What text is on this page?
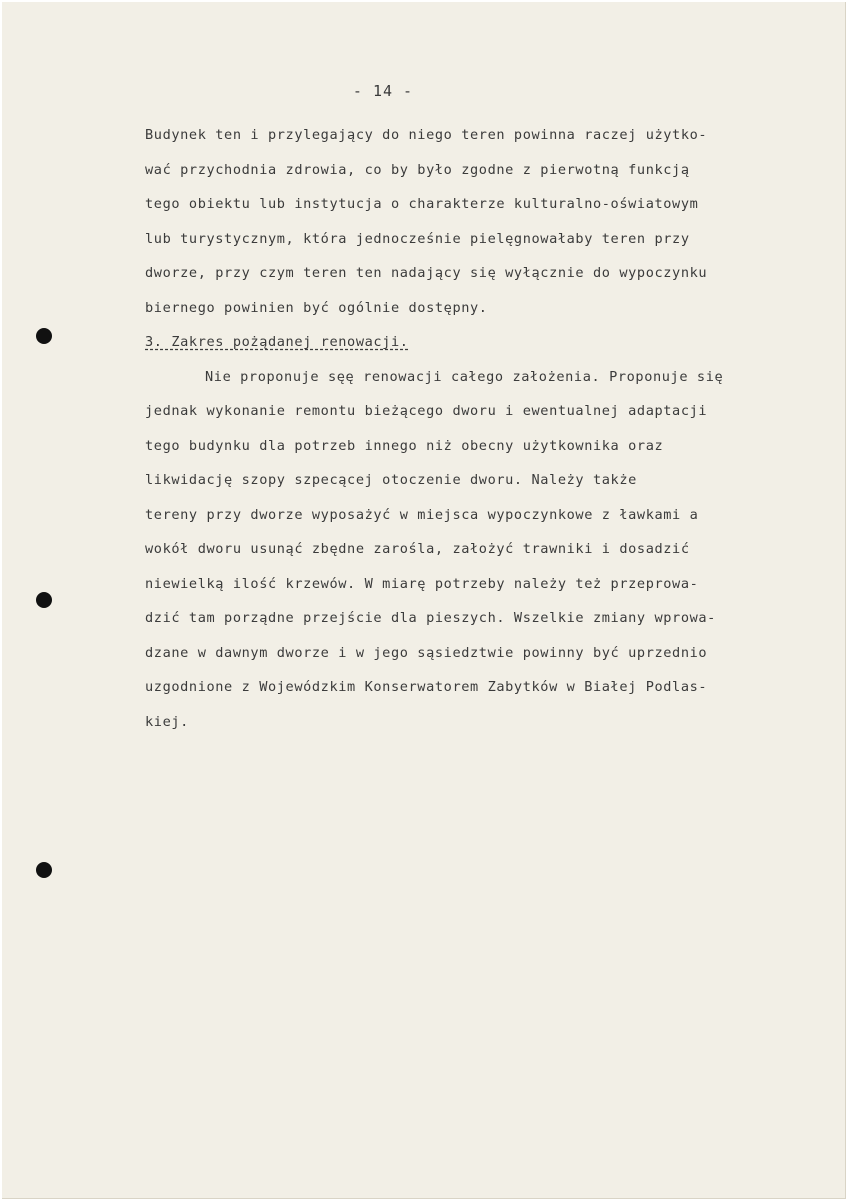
- 14 -
Budynek ten i przylegający do niego teren powinna raczej użytko-
wać przychodnia zdrowia, co by było zgodne z pierwotną funkcją
tego obiektu lub instytucja o charakterze kulturalno-oświatowym
lub turystycznym, która jednocześnie pielęgnowałaby teren przy
dworze, przy czym teren ten nadający się wyłącznie do wypoczynku
biernego powinien być ogólnie dostępny.
3. Zakres pożądanej renowacji.
Nie proponuje sęę renowacji całego założenia. Proponuje się
jednak wykonanie remontu bieżącego dworu i ewentualnej adaptacji
tego budynku dla potrzeb innego niż obecny użytkownika oraz
likwidację szopy szpecącej otoczenie dworu. Należy także
tereny przy dworze wyposażyć w miejsca wypoczynkowe z ławkami a
wokół dworu usunąć zbędne zarośla, założyć trawniki i dosadzić
niewielką ilość krzewów. W miarę potrzeby należy też przeprowa-
dzić tam porządne przejście dla pieszych. Wszelkie zmiany wprowa-
dzane w dawnym dworze i w jego sąsiedztwie powinny być uprzednio
uzgodnione z Wojewódzkim Konserwatorem Zabytków w Białej Podlas-
kiej.
